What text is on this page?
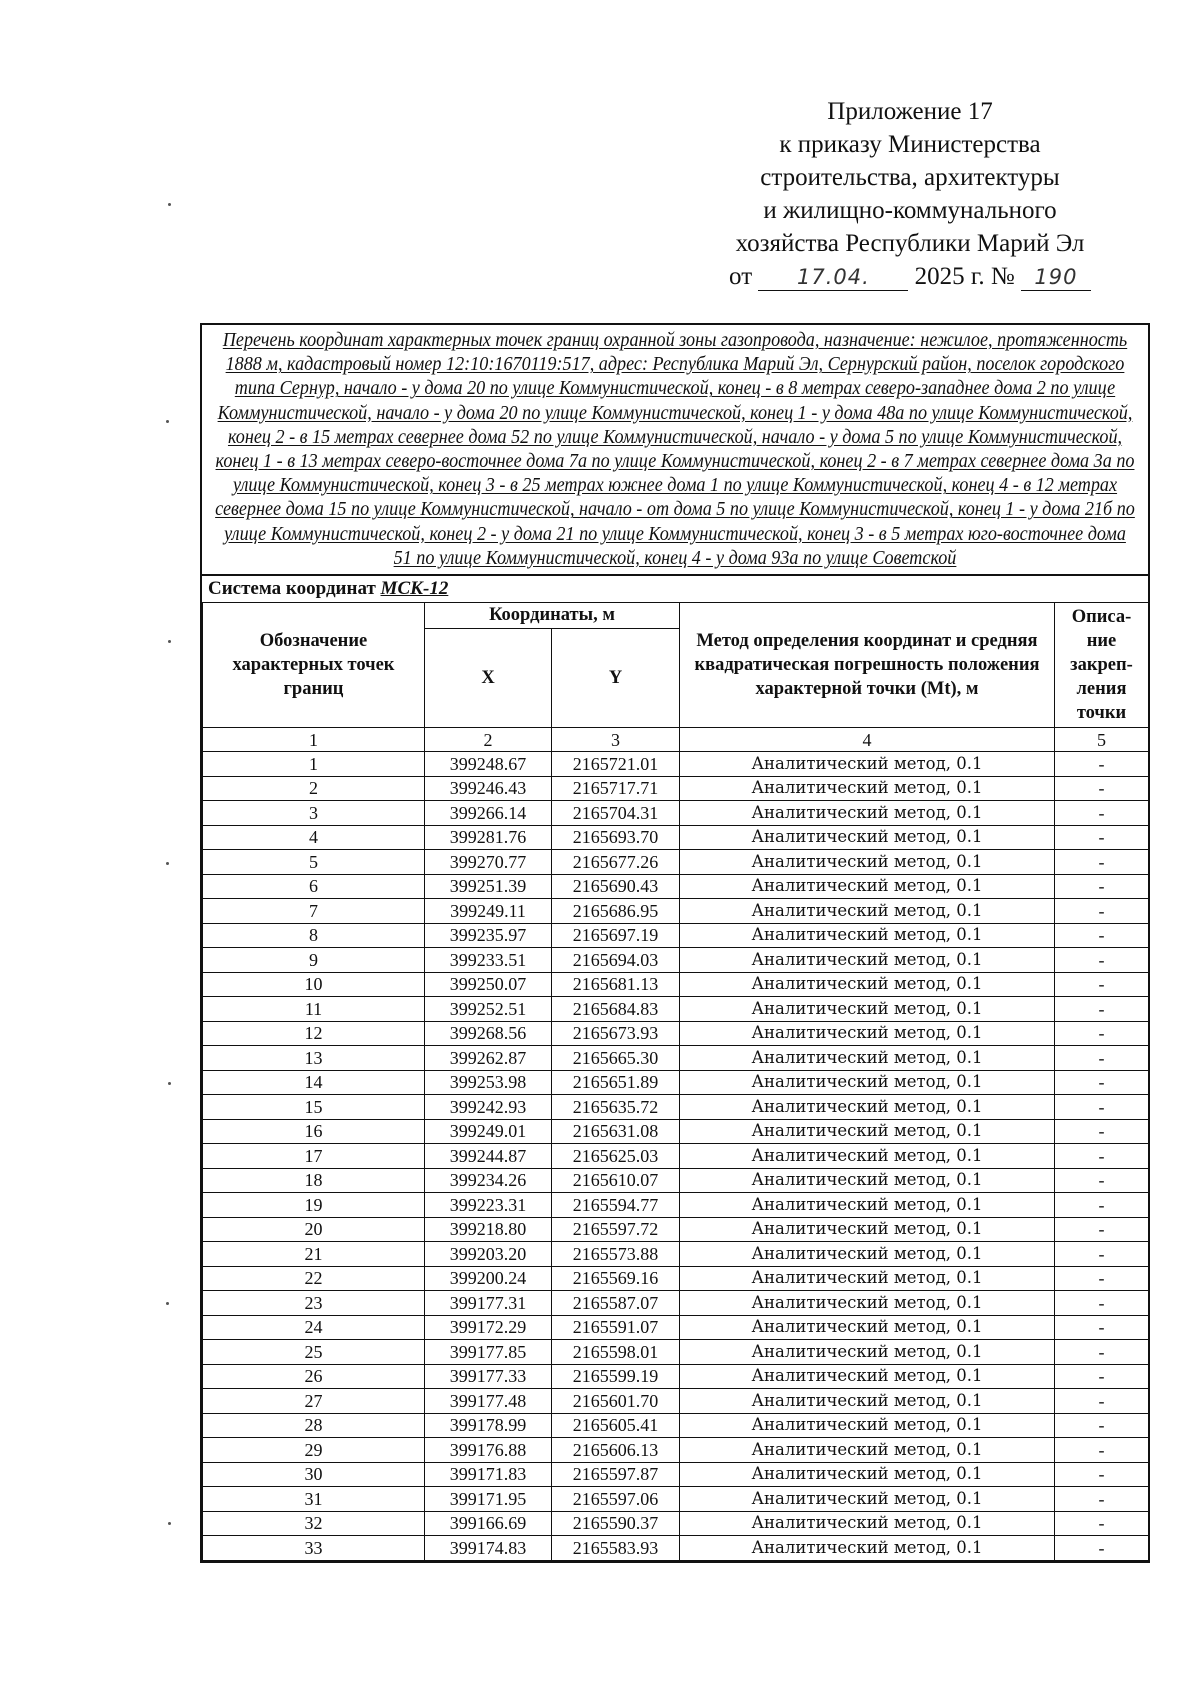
Приложение 17
к приказу Министерства
строительства, архитектуры
и жилищно-коммунального
хозяйства Республики Марий Эл
от 17.04. 2025 г. № 190
Перечень координат характерных точек границ охранной зоны газопровода, назначение: нежилое, протяженность 1888 м, кадастровый номер 12:10:1670119:517, адрес: Республика Марий Эл, Сернурский район, поселок городского типа Сернур, начало - у дома 20 по улице Коммунистической, конец - в 8 метрах северо-западнее дома 2 по улице Коммунистической, начало - у дома 20 по улице Коммунистической, конец 1 - у дома 48а по улице Коммунистической, конец 2 - в 15 метрах севернее дома 52 по улице Коммунистической, начало - у дома 5 по улице Коммунистической, конец 1 - в 13 метрах северо-восточнее дома 7а по улице Коммунистической, конец 2 - в 7 метрах севернее дома 3а по улице Коммунистической, конец 3 - в 25 метрах южнее дома 1 по улице Коммунистической, конец 4 - в 12 метрах севернее дома 15 по улице Коммунистической, начало - от дома 5 по улице Коммунистической, конец 1 - у дома 21б по улице Коммунистической, конец 2 - у дома 21 по улице Коммунистической, конец 3 - в 5 метрах юго-восточнее дома 51 по улице Коммунистической, конец 4 - у дома 93а по улице Советской
Система координат МСК-12
Обозначение характерных точек границ	Координаты, м		Метод определения координат и средняя квадратическая погрешность положения характерной точки (Mt), м	Описа-ние закреп-ления точки
	X	Y		
1	2	3	4	5
1	399248.67	2165721.01	Аналитический метод, 0.1	-
2	399246.43	2165717.71	Аналитический метод, 0.1	-
3	399266.14	2165704.31	Аналитический метод, 0.1	-
4	399281.76	2165693.70	Аналитический метод, 0.1	-
5	399270.77	2165677.26	Аналитический метод, 0.1	-
6	399251.39	2165690.43	Аналитический метод, 0.1	-
7	399249.11	2165686.95	Аналитический метод, 0.1	-
8	399235.97	2165697.19	Аналитический метод, 0.1	-
9	399233.51	2165694.03	Аналитический метод, 0.1	-
10	399250.07	2165681.13	Аналитический метод, 0.1	-
11	399252.51	2165684.83	Аналитический метод, 0.1	-
12	399268.56	2165673.93	Аналитический метод, 0.1	-
13	399262.87	2165665.30	Аналитический метод, 0.1	-
14	399253.98	2165651.89	Аналитический метод, 0.1	-
15	399242.93	2165635.72	Аналитический метод, 0.1	-
16	399249.01	2165631.08	Аналитический метод, 0.1	-
17	399244.87	2165625.03	Аналитический метод, 0.1	-
18	399234.26	2165610.07	Аналитический метод, 0.1	-
19	399223.31	2165594.77	Аналитический метод, 0.1	-
20	399218.80	2165597.72	Аналитический метод, 0.1	-
21	399203.20	2165573.88	Аналитический метод, 0.1	-
22	399200.24	2165569.16	Аналитический метод, 0.1	-
23	399177.31	2165587.07	Аналитический метод, 0.1	-
24	399172.29	2165591.07	Аналитический метод, 0.1	-
25	399177.85	2165598.01	Аналитический метод, 0.1	-
26	399177.33	2165599.19	Аналитический метод, 0.1	-
27	399177.48	2165601.70	Аналитический метод, 0.1	-
28	399178.99	2165605.41	Аналитический метод, 0.1	-
29	399176.88	2165606.13	Аналитический метод, 0.1	-
30	399171.83	2165597.87	Аналитический метод, 0.1	-
31	399171.95	2165597.06	Аналитический метод, 0.1	-
32	399166.69	2165590.37	Аналитический метод, 0.1	-
33	399174.83	2165583.93	Аналитический метод, 0.1	-
